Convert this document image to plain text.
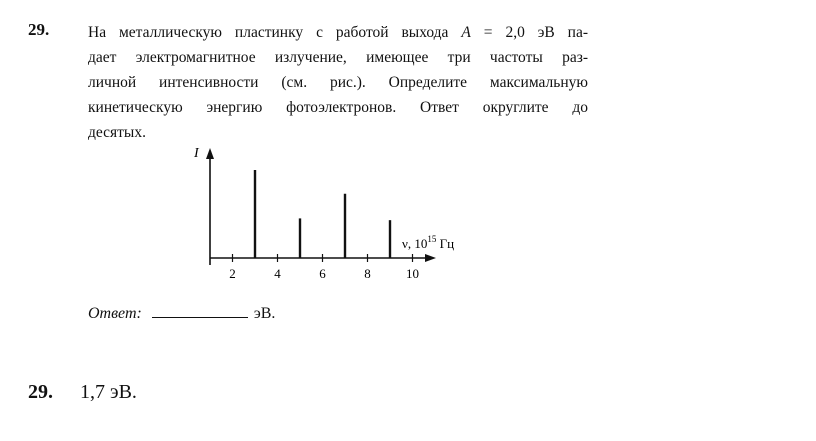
29.	На металлическую пластинку с работой выхода A = 2,0 эВ па-
дает электромагнитное излучение, имеющее три частоты раз-
личной интенсивности (см. рис.). Определите максимальную
кинетическую энергию фотоэлектронов. Ответ округлите до
десятых.
I
ν, $10^{15}$ Гц
2	4	6	8	10
Ответ:	эВ.
29. 1,7 эВ.
